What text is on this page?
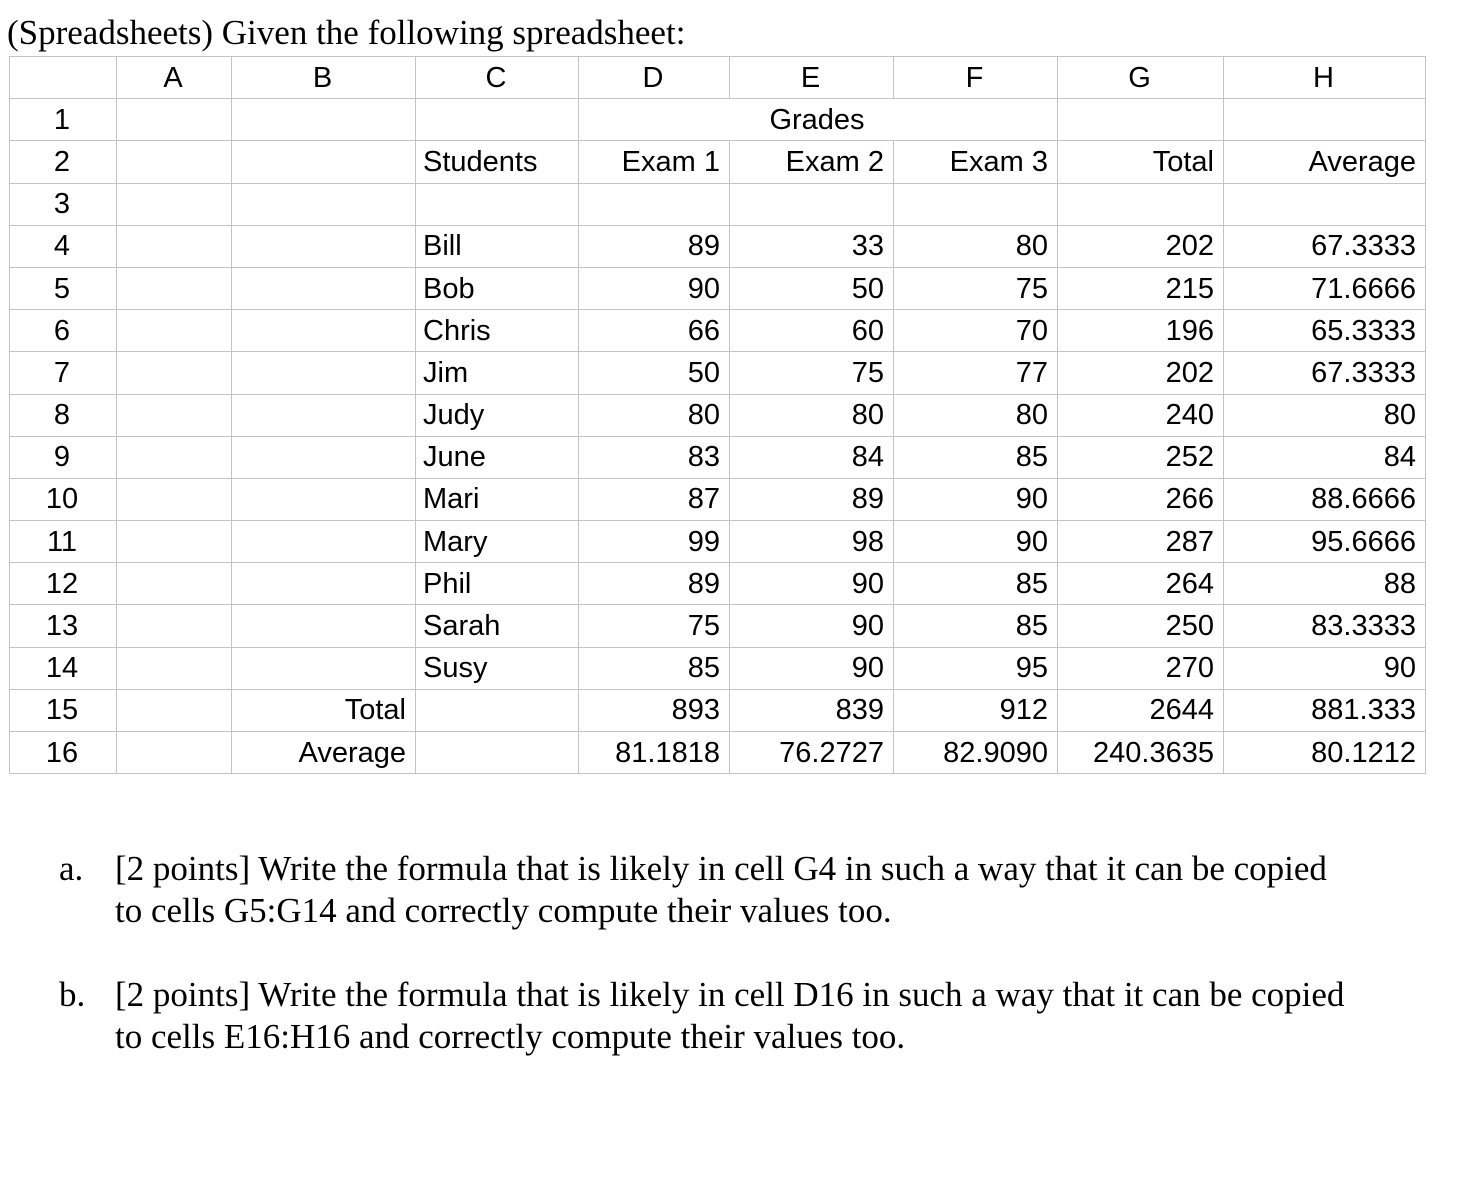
(Spreadsheets) Given the following spreadsheet:
	A	B	C	D	E	F	G	H
1				Grades				
2			Students	Exam 1	Exam 2	Exam 3	Total	Average
3								
4			Bill	89	33	80	202	67.3333
5			Bob	90	50	75	215	71.6666
6			Chris	66	60	70	196	65.3333
7			Jim	50	75	77	202	67.3333
8			Judy	80	80	80	240	80
9			June	83	84	85	252	84
10			Mari	87	89	90	266	88.6666
11			Mary	99	98	90	287	95.6666
12			Phil	89	90	85	264	88
13			Sarah	75	90	85	250	83.3333
14			Susy	85	90	95	270	90
15		Total		893	839	912	2644	881.333
16		Average		81.1818	76.2727	82.9090	240.3635	80.1212
a. [2 points] Write the formula that is likely in cell G4 in such a way that it can be copied to cells G5:G14 and correctly compute their values too.
b. [2 points] Write the formula that is likely in cell D16 in such a way that it can be copied to cells E16:H16 and correctly compute their values too.
